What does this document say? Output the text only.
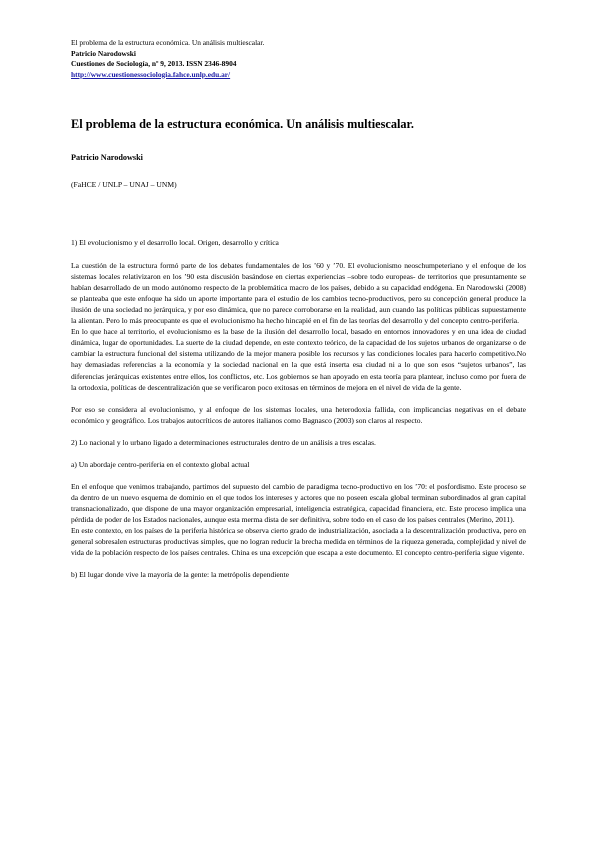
El problema de la estructura económica. Un análisis multiescalar.
Patricio Narodowski
Cuestiones de Sociología, nº 9, 2013. ISSN 2346-8904
http://www.cuestionessociologia.fahce.unlp.edu.ar/
El problema de la estructura económica. Un análisis multiescalar.
Patricio Narodowski
(FaHCE / UNLP – UNAJ – UNM)

1) El evolucionismo y el desarrollo local. Origen, desarrollo y crítica

La cuestión de la estructura formó parte de los debates fundamentales de los ’60 y ’70. El evolucionismo neoschumpeteriano y el enfoque de los sistemas locales relativizaron en los ’90 esta discusión basándose en ciertas experiencias –sobre todo europeas- de territorios que presuntamente se habían desarrollado de un modo autónomo respecto de la problemática macro de los países, debido a su capacidad endógena. En Narodowski (2008) se planteaba que este enfoque ha sido un aporte importante para el estudio de los cambios tecno-productivos, pero su concepción general produce la ilusión de una sociedad no jerárquica, y por eso dinámica, que no parece corroborarse en la realidad, aun cuando las políticas públicas supuestamente la alientan. Pero lo más preocupante es que el evolucionismo ha hecho hincapié en el fin de las teorías del desarrollo y del concepto centro-periferia.

En lo que hace al territorio, el evolucionismo es la base de la ilusión del desarrollo local, basado en entornos innovadores y en una idea de ciudad dinámica, lugar de oportunidades. La suerte de la ciudad depende, en este contexto teórico, de la capacidad de los sujetos urbanos de organizarse o de cambiar la estructura funcional del sistema utilizando de la mejor manera posible los recursos y las condiciones locales para hacerlo competitivo.No hay demasiadas referencias a la economía y la sociedad nacional en la que está inserta esa ciudad ni a lo que son esos “sujetos urbanos”, las diferencias jerárquicas existentes entre ellos, los conflictos, etc. Los gobiernos se han apoyado en esta teoría para plantear, incluso como por fuera de la ortodoxia, políticas de descentralización que se verificaron poco exitosas en términos de mejora en el nivel de vida de la gente.

Por eso se considera al evolucionismo, y al enfoque de los sistemas locales, una heterodoxia fallida, con implicancias negativas en el debate económico y geográfico. Los trabajos autocríticos de autores italianos como Bagnasco (2003) son claros al respecto.

2) Lo nacional y lo urbano ligado a determinaciones estructurales dentro de un análisis a tres escalas.

a) Un abordaje centro-periferia en el contexto global actual

En el enfoque que venimos trabajando, partimos del supuesto del cambio de paradigma tecno-productivo en los ’70: el posfordismo. Este proceso se da dentro de un nuevo esquema de dominio en el que todos los intereses y actores que no poseen escala global terminan subordinados al gran capital transnacionalizado, que dispone de una mayor organización empresarial, inteligencia estratégica, capacidad financiera, etc. Este proceso implica una pérdida de poder de los Estados nacionales, aunque esta merma dista de ser definitiva, sobre todo en el caso de los países centrales (Merino, 2011).

En este contexto, en los países de la periferia histórica se observa cierto grado de industrialización, asociada a la descentralización productiva, pero en general sobresalen estructuras productivas simples, que no logran reducir la brecha medida en términos de la riqueza generada, complejidad y nivel de vida de la población respecto de los países centrales. China es una excepción que escapa a este documento. El concepto centro-periferia sigue vigente.

b) El lugar donde vive la mayoría de la gente: la metrópolis dependiente
